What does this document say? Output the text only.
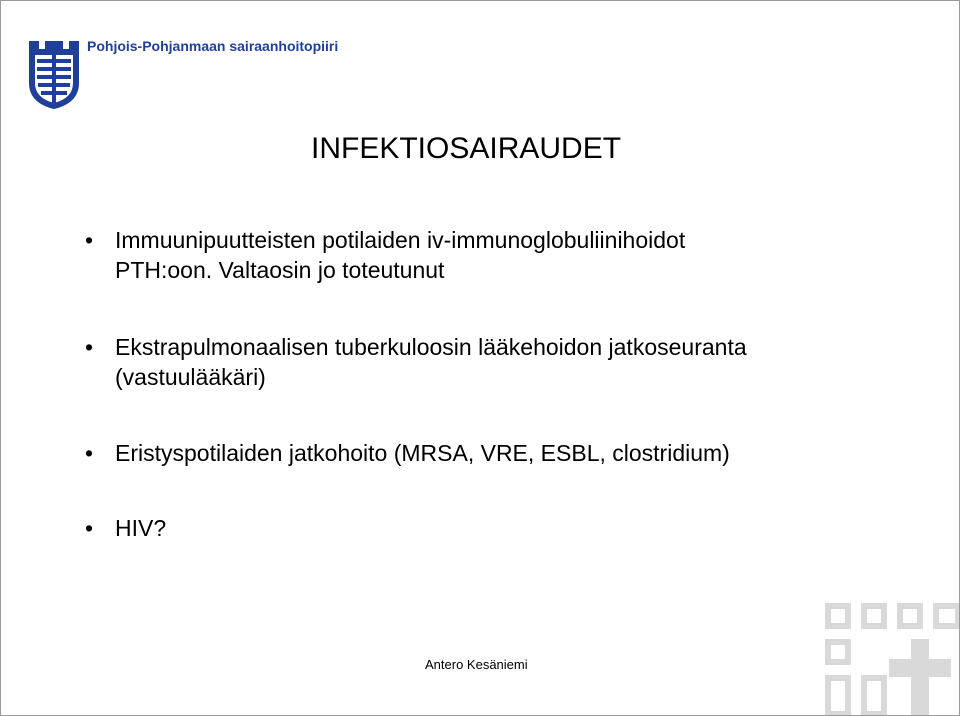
Pohjois-Pohjanmaan sairaanhoitopiiri
INFEKTIOSAIRAUDET
• Immuunipuutteisten potilaiden iv-immunoglobuliinihoidot
PTH:oon. Valtaosin jo toteutunut
• Ekstrapulmonaalisen tuberkuloosin lääkehoidon jatkoseuranta
(vastuulääkäri)
• Eristyspotilaiden jatkohoito (MRSA, VRE, ESBL, clostridium)
• HIV?
Antero Kesäniemi
